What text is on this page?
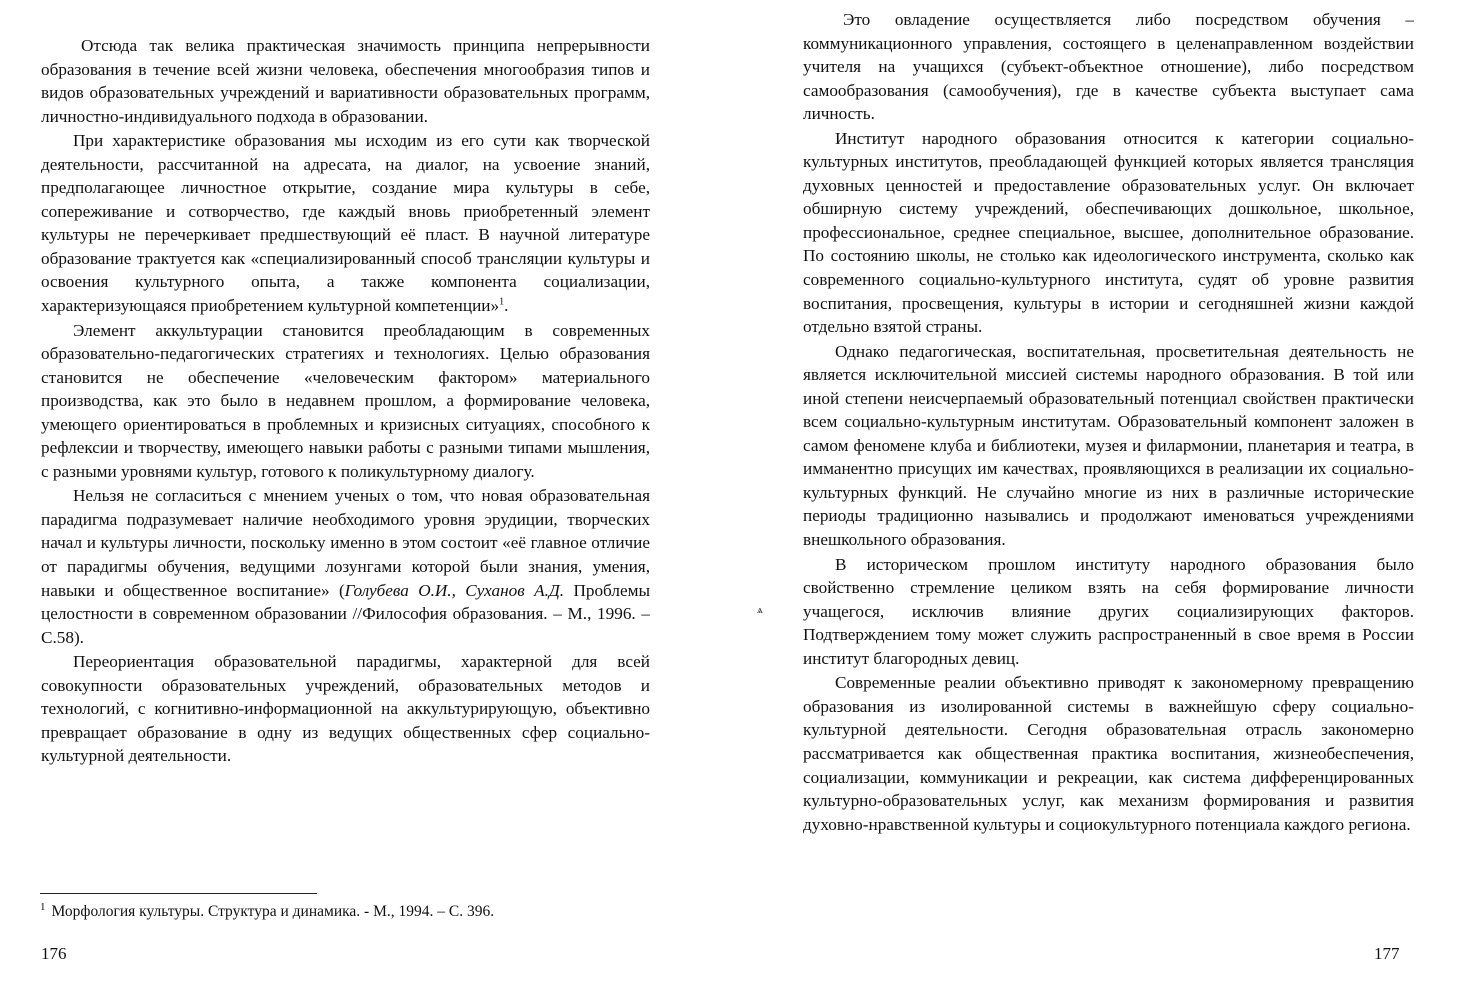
Отсюда так велика практическая значимость принципа непрерывности образования в течение всей жизни человека, обеспечения многообразия типов и видов образовательных учреждений и вариативности образовательных программ, личностно-индивидуального подхода в образовании.

При характеристике образования мы исходим из его сути как творческой деятельности, рассчитанной на адресата, на диалог, на усвоение знаний, предполагающее личностное открытие, создание мира культуры в себе, сопереживание и сотворчество, где каждый вновь приобретенный элемент культуры не перечеркивает предшествующий её пласт. В научной литературе образование трактуется как «специализированный способ трансляции культуры и освоения культурного опыта, а также компонента социализации, характеризующаяся приобретением культурной компетенции»$^1$.

Элемент аккультурации становится преобладающим в современных образовательно-педагогических стратегиях и технологиях. Целью образования становится не обеспечение «человеческим фактором» материального производства, как это было в недавнем прошлом, а формирование человека, умеющего ориентироваться в проблемных и кризисных ситуациях, способного к рефлексии и творчеству, имеющего навыки работы с разными типами мышления, с разными уровнями культур, готового к поликультурному диалогу.

Нельзя не согласиться с мнением ученых о том, что новая образовательная парадигма подразумевает наличие необходимого уровня эрудиции, творческих начал и культуры личности, поскольку именно в этом состоит «её главное отличие от парадигмы обучения, ведущими лозунгами которой были знания, умения, навыки и общественное воспитание» (Голубева О.И., Суханов А.Д. Проблемы целостности в современном образовании //Философия образования. – М., 1996. – С.58).

Переориентация образовательной парадигмы, характерной для всей совокупности образовательных учреждений, образовательных методов и технологий, с когнитивно-информационной на аккультурирующую, объективно превращает образование в одну из ведущих общественных сфер социально-культурной деятельности.

$^1$ Морфология культуры. Структура и динамика. - М., 1994. – С. 396.
176
ѧ

Это овладение осуществляется либо посредством обучения – коммуникационного управления, состоящего в целенаправленном воздействии учителя на учащихся (субъект-объектное отношение), либо посредством самообразования (самообучения), где в качестве субъекта выступает сама личность.

Институт народного образования относится к категории социально-культурных институтов, преобладающей функцией которых является трансляция духовных ценностей и предоставление образовательных услуг. Он включает обширную систему учреждений, обеспечивающих дошкольное, школьное, профессиональное, среднее специальное, высшее, дополнительное образование. По состоянию школы, не столько как идеологического инструмента, сколько как современного социально-культурного института, судят об уровне развития воспитания, просвещения, культуры в истории и сегодняшней жизни каждой отдельно взятой страны.

Однако педагогическая, воспитательная, просветительная деятельность не является исключительной миссией системы народного образования. В той или иной степени неисчерпаемый образовательный потенциал свойствен практически всем социально-культурным институтам. Образовательный компонент заложен в самом феномене клуба и библиотеки, музея и филармонии, планетария и театра, в имманентно присущих им качествах, проявляющихся в реализации их социально-культурных функций. Не случайно многие из них в различные исторические периоды традиционно назывались и продолжают именоваться учреждениями внешкольного образования.

В историческом прошлом институту народного образования было свойственно стремление целиком взять на себя формирование личности учащегося, исключив влияние других социализирующих факторов. Подтверждением тому может служить распространенный в свое время в России институт благородных девиц.

Современные реалии объективно приводят к закономерному превращению образования из изолированной системы в важнейшую сферу социально-культурной деятельности. Сегодня образовательная отрасль закономерно рассматривается как общественная практика воспитания, жизнеобеспечения, социализации, коммуникации и рекреации, как система дифференцированных культурно-образовательных услуг, как механизм формирования и развития духовно-нравственной культуры и социокультурного потенциала каждого региона.

177
